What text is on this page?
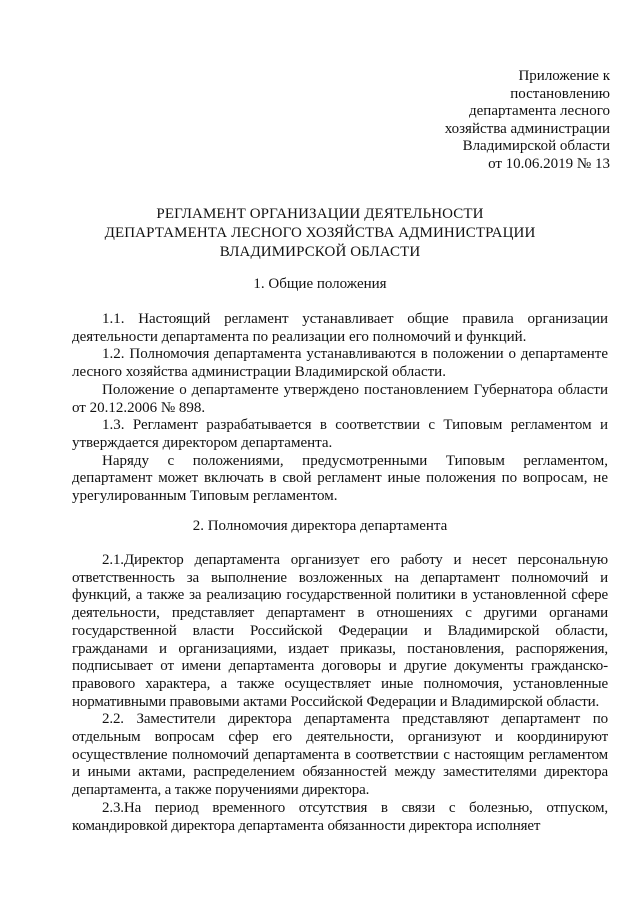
Приложение к
постановлению
департамента лесного
хозяйства администрации
Владимирской области
от 10.06.2019 № 13
РЕГЛАМЕНТ ОРГАНИЗАЦИИ ДЕЯТЕЛЬНОСТИ
ДЕПАРТАМЕНТА ЛЕСНОГО ХОЗЯЙСТВА АДМИНИСТРАЦИИ
ВЛАДИМИРСКОЙ ОБЛАСТИ
1. Общие положения

1.1. Настоящий регламент устанавливает общие правила организации деятельности департамента по реализации его полномочий и функций.

1.2. Полномочия департамента устанавливаются в положении о департаменте лесного хозяйства администрации Владимирской области.

Положение о департаменте утверждено постановлением Губернатора области от 20.12.2006 № 898.

1.3. Регламент разрабатывается в соответствии с Типовым регламентом и утверждается директором департамента.

Наряду с положениями, предусмотренными Типовым регламентом, департамент может включать в свой регламент иные положения по вопросам, не урегулированным Типовым регламентом.

2. Полномочия директора департамента

2.1.Директор департамента организует его работу и несет персональную ответственность за выполнение возложенных на департамент полномочий и функций, а также за реализацию государственной политики в установленной сфере деятельности, представляет департамент в отношениях с другими органами государственной власти Российской Федерации и Владимирской области, гражданами и организациями, издает приказы, постановления, распоряжения, подписывает от имени департамента договоры и другие документы гражданско-правового характера, а также осуществляет иные полномочия, установленные нормативными правовыми актами Российской Федерации и Владимирской области.

2.2. Заместители директора департамента представляют департамент по отдельным вопросам сфер его деятельности, организуют и координируют осуществление полномочий департамента в соответствии с настоящим регламентом и иными актами, распределением обязанностей между заместителями директора департамента, а также поручениями директора.

2.3.На период временного отсутствия в связи с болезнью, отпуском, командировкой директора департамента обязанности директора исполняет
